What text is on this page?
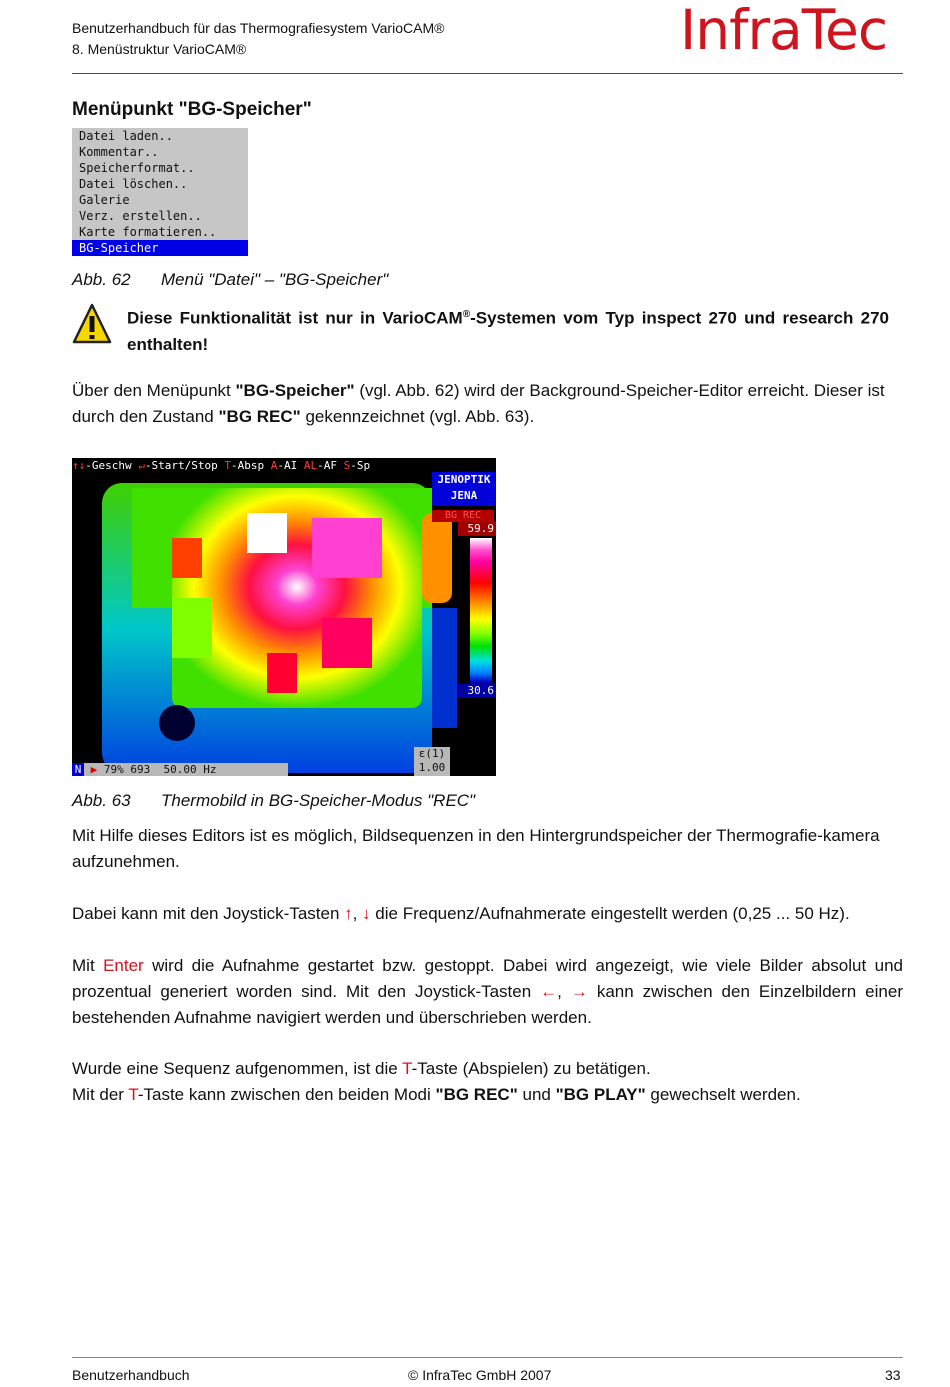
Benutzerhandbuch für das Thermografiesystem VarioCAM®
8. Menüstruktur VarioCAM®	InfraTec
Menüpunkt "BG-Speicher"
Datei laden..
Kommentar..
Speicherformat..
Datei löschen..
Galerie
Verz. erstellen..
Karte formatieren..
BG-Speicher
Abb. 62 Menü "Datei" – "BG-Speicher"
Diese Funktionalität ist nur in VarioCAM®-Systemen vom Typ inspect 270 und research 270 enthalten!
Über den Menüpunkt "BG-Speicher" (vgl. Abb. 62) wird der Background-Speicher-Editor erreicht. Dieser ist durch den Zustand "BG REC" gekennzeichnet (vgl. Abb. 63).
↑↓-Geschw ↵-Start/Stop T-Absp A-AI AL-AF S-Sp
JENOPTIK
JENA
BG REC
59.9
30.6
ε(1)
1.00
N ▶ 79% 693  50.00 Hz
Abb. 63 Thermobild in BG-Speicher-Modus "REC"
Mit Hilfe dieses Editors ist es möglich, Bildsequenzen in den Hintergrundspeicher der Thermografie-kamera aufzunehmen.
Dabei kann mit den Joystick-Tasten ↑, ↓ die Frequenz/Aufnahmerate eingestellt werden (0,25 ... 50 Hz).
Mit Enter wird die Aufnahme gestartet bzw. gestoppt. Dabei wird angezeigt, wie viele Bilder absolut und prozentual generiert worden sind. Mit den Joystick-Tasten ←, → kann zwischen den Einzelbildern einer bestehenden Aufnahme navigiert werden und überschrieben werden.
Wurde eine Sequenz aufgenommen, ist die T-Taste (Abspielen) zu betätigen.
Mit der T-Taste kann zwischen den beiden Modi "BG REC" und "BG PLAY" gewechselt werden.
Benutzerhandbuch	© InfraTec GmbH 2007	33
